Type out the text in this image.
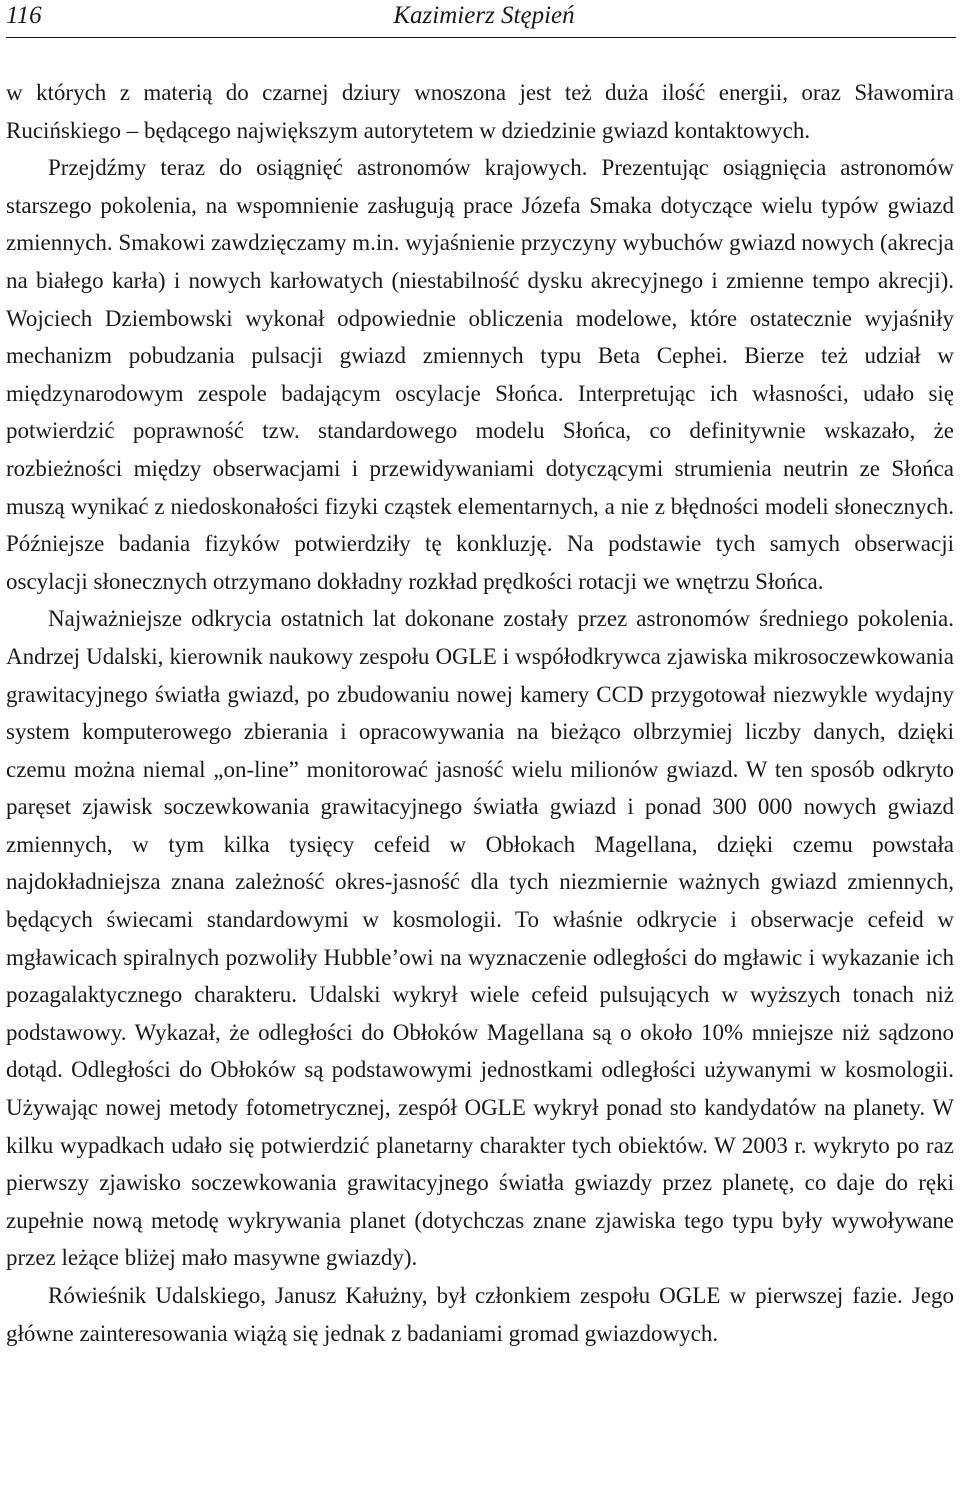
116	Kazimierz Stępień

w których z materią do czarnej dziury wnoszona jest też duża ilość energii, oraz Sławomira Rucińskiego – będącego największym autorytetem w dziedzinie gwiazd kontaktowych.

Przejdźmy teraz do osiągnięć astronomów krajowych. Prezentując osiągnięcia astronomów starszego pokolenia, na wspomnienie zasługują prace Józefa Smaka dotyczące wielu typów gwiazd zmiennych. Smakowi zawdzięczamy m.in. wyjaśnienie przyczyny wybuchów gwiazd nowych (akrecja na białego karła) i nowych karłowatych (niestabilność dysku akrecyjnego i zmienne tempo akrecji). Wojciech Dziembowski wykonał odpowiednie obliczenia modelowe, które ostatecznie wyjaśniły mechanizm pobudzania pulsacji gwiazd zmiennych typu Beta Cephei. Bierze też udział w międzynarodowym zespole badającym oscylacje Słońca. Interpretując ich własności, udało się potwierdzić poprawność tzw. standardowego modelu Słońca, co definitywnie wskazało, że rozbieżności między obserwacjami i przewidywaniami dotyczącymi strumienia neutrin ze Słońca muszą wynikać z niedoskonałości fizyki cząstek elementarnych, a nie z błędności modeli słonecznych. Późniejsze badania fizyków potwierdziły tę konkluzję. Na podstawie tych samych obserwacji oscylacji słonecznych otrzymano dokładny rozkład prędkości rotacji we wnętrzu Słońca.

Najważniejsze odkrycia ostatnich lat dokonane zostały przez astronomów średniego pokolenia. Andrzej Udalski, kierownik naukowy zespołu OGLE i współodkrywca zjawiska mikrosoczewkowania grawitacyjnego światła gwiazd, po zbudowaniu nowej kamery CCD przygotował niezwykle wydajny system komputerowego zbierania i opracowywania na bieżąco olbrzymiej liczby danych, dzięki czemu można niemal „on-line” monitorować jasność wielu milionów gwiazd. W ten sposób odkryto paręset zjawisk soczewkowania grawitacyjnego światła gwiazd i ponad 300 000 nowych gwiazd zmiennych, w tym kilka tysięcy cefeid w Obłokach Magellana, dzięki czemu powstała najdokładniejsza znana zależność okres-jasność dla tych niezmiernie ważnych gwiazd zmiennych, będących świecami standardowymi w kosmologii. To właśnie odkrycie i obserwacje cefeid w mgławicach spiralnych pozwoliły Hubble’owi na wyznaczenie odległości do mgławic i wykazanie ich pozagalaktycznego charakteru. Udalski wykrył wiele cefeid pulsujących w wyższych tonach niż podstawowy. Wykazał, że odległości do Obłoków Magellana są o około 10% mniejsze niż sądzono dotąd. Odległości do Obłoków są podstawowymi jednostkami odległości używanymi w kosmologii. Używając nowej metody fotometrycznej, zespół OGLE wykrył ponad sto kandydatów na planety. W kilku wypadkach udało się potwierdzić planetarny charakter tych obiektów. W 2003 r. wykryto po raz pierwszy zjawisko soczewkowania grawitacyjnego światła gwiazdy przez planetę, co daje do ręki zupełnie nową metodę wykrywania planet (dotychczas znane zjawiska tego typu były wywoływane przez leżące bliżej mało masywne gwiazdy).

Rówieśnik Udalskiego, Janusz Kałużny, był członkiem zespołu OGLE w pierwszej fazie. Jego główne zainteresowania wiążą się jednak z badaniami gromad gwiazdowych.
